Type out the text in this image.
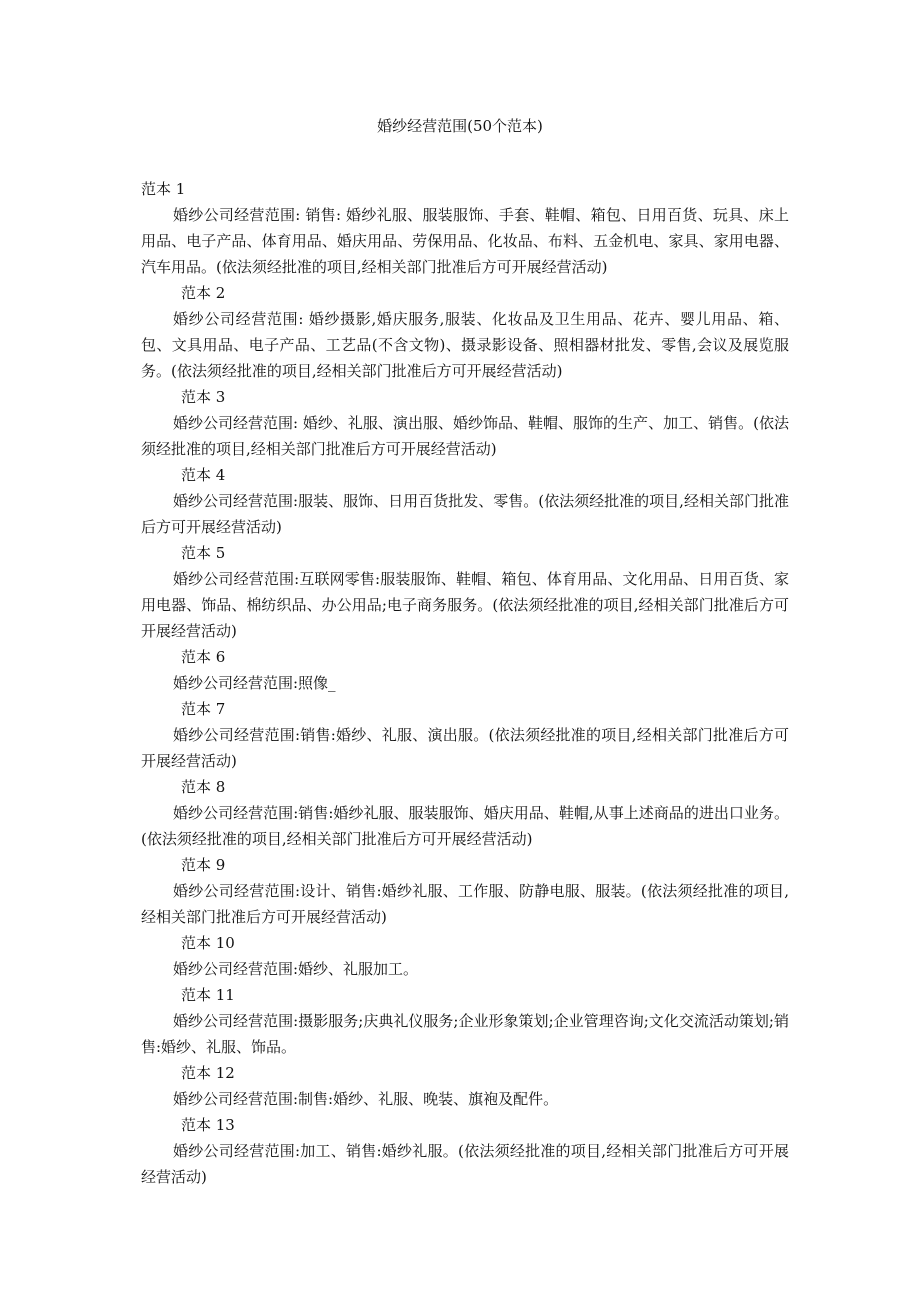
婚纱经营范围(50个范本)

范本 1

婚纱公司经营范围: 销售: 婚纱礼服、服装服饰、手套、鞋帽、箱包、日用百货、玩具、床上用品、电子产品、体育用品、婚庆用品、劳保用品、化妆品、布料、五金机电、家具、家用电器、汽车用品。(依法须经批准的项目,经相关部门批准后方可开展经营活动)

范本 2

婚纱公司经营范围: 婚纱摄影,婚庆服务,服装、化妆品及卫生用品、花卉、婴儿用品、箱、包、文具用品、电子产品、工艺品(不含文物)、摄录影设备、照相器材批发、零售,会议及展览服务。(依法须经批准的项目,经相关部门批准后方可开展经营活动)

范本 3

婚纱公司经营范围: 婚纱、礼服、演出服、婚纱饰品、鞋帽、服饰的生产、加工、销售。(依法须经批准的项目,经相关部门批准后方可开展经营活动)

范本 4

婚纱公司经营范围:服装、服饰、日用百货批发、零售。(依法须经批准的项目,经相关部门批准后方可开展经营活动)

范本 5

婚纱公司经营范围:互联网零售:服装服饰、鞋帽、箱包、体育用品、文化用品、日用百货、家用电器、饰品、棉纺织品、办公用品;电子商务服务。(依法须经批准的项目,经相关部门批准后方可开展经营活动)

范本 6

婚纱公司经营范围:照像_

范本 7

婚纱公司经营范围:销售:婚纱、礼服、演出服。(依法须经批准的项目,经相关部门批准后方可开展经营活动)

范本 8

婚纱公司经营范围:销售:婚纱礼服、服装服饰、婚庆用品、鞋帽,从事上述商品的进出口业务。(依法须经批准的项目,经相关部门批准后方可开展经营活动)

范本 9

婚纱公司经营范围:设计、销售:婚纱礼服、工作服、防静电服、服装。(依法须经批准的项目,经相关部门批准后方可开展经营活动)

范本 10

婚纱公司经营范围:婚纱、礼服加工。

范本 11

婚纱公司经营范围:摄影服务;庆典礼仪服务;企业形象策划;企业管理咨询;文化交流活动策划;销售:婚纱、礼服、饰品。

范本 12

婚纱公司经营范围:制售:婚纱、礼服、晚装、旗袍及配件。

范本 13

婚纱公司经营范围:加工、销售:婚纱礼服。(依法须经批准的项目,经相关部门批准后方可开展经营活动)
